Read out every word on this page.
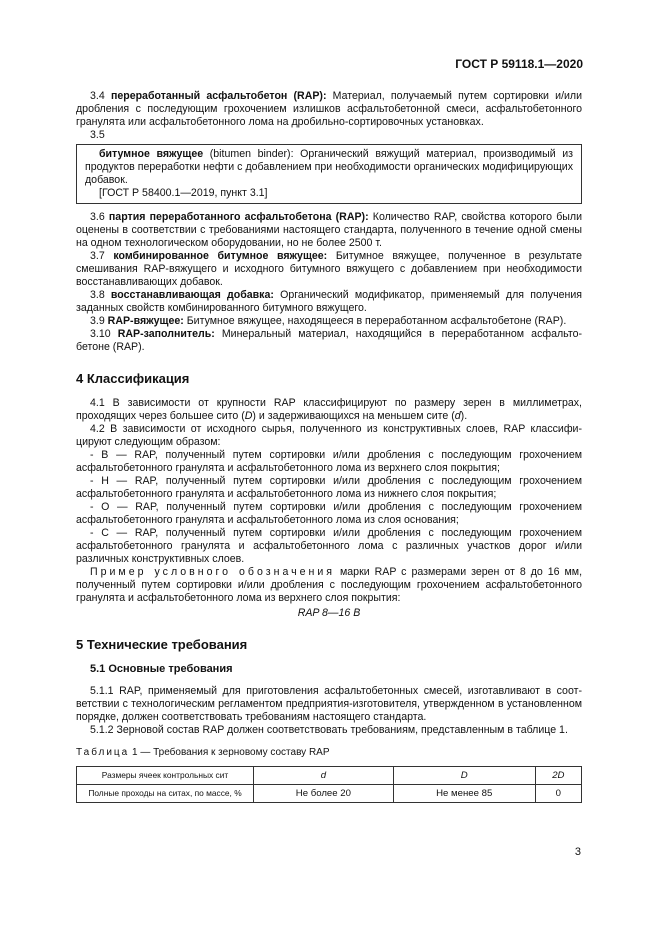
ГОСТ Р 59118.1—2020

3.4 переработанный асфальтобетон (RAP): Материал, получаемый путем сортировки и/или дробления с последующим грохочением излишков асфальтобетонной смеси, асфальтобетонного гранулята или асфальтобетонного лома на дробильно-сортировочных установках.

3.5

битумное вяжущее (bitumen binder): Органический вяжущий материал, производимый из продуктов переработки нефти с добавлением при необходимости органических модифицирующих добавок.

[ГОСТ Р 58400.1—2019, пункт 3.1]

3.6 партия переработанного асфальтобетона (RAP): Количество RAP, свойства которого были оценены в соответствии с требованиями настоящего стандарта, полученного в течение одной смены на одном технологическом оборудовании, но не более 2500 т.

3.7 комбинированное битумное вяжущее: Битумное вяжущее, полученное в результате смешивания RAP-вяжущего и исходного битумного вяжущего с добавлением при необходимости восстанавливающих добавок.

3.8 восстанавливающая добавка: Органический модификатор, применяемый для получения заданных свойств комбинированного битумного вяжущего.

3.9 RAP-вяжущее: Битумное вяжущее, находящееся в переработанном асфальтобетоне (RAP).

3.10 RAP-заполнитель: Минеральный материал, находящийся в переработанном асфальто-бетоне (RAP).

4 Классификация

4.1 В зависимости от крупности RAP классифицируют по размеру зерен в миллиметрах, проходящих через большее сито (D) и задерживающихся на меньшем сите (d).

4.2 В зависимости от исходного сырья, полученного из конструктивных слоев, RAP классифи-цируют следующим образом:

- В — RAP, полученный путем сортировки и/или дробления с последующим грохочением асфальтобетонного гранулята и асфальтобетонного лома из верхнего слоя покрытия;

- Н — RAP, полученный путем сортировки и/или дробления с последующим грохочением асфальтобетонного гранулята и асфальтобетонного лома из нижнего слоя покрытия;

- О — RAP, полученный путем сортировки и/или дробления с последующим грохочением асфальтобетонного гранулята и асфальтобетонного лома из слоя основания;

- С — RAP, полученный путем сортировки и/или дробления с последующим грохочением асфальтобетонного гранулята и асфальтобетонного лома с различных участков дорог и/или различных конструктивных слоев.

Пример условного обозначения марки RAP с размерами зерен от 8 до 16 мм, полученный путем сортировки и/или дробления с последующим грохочением асфальтобетонного гранулята и асфальтобетонного лома из верхнего слоя покрытия:

RAP 8—16 В

5 Технические требования
5.1 Основные требования

5.1.1 RAP, применяемый для приготовления асфальтобетонных смесей, изготавливают в соот-ветствии с технологическим регламентом предприятия-изготовителя, утвержденном в установленном порядке, должен соответствовать требованиям настоящего стандарта.

5.1.2 Зерновой состав RAP должен соответствовать требованиям, представленным в таблице 1.

Таблица 1 — Требования к зерновому составу RAP

Размеры ячеек контрольных сит	d	D	2D
Полные проходы на ситах, по массе, %	Не более 20	Не менее 85	0
3
